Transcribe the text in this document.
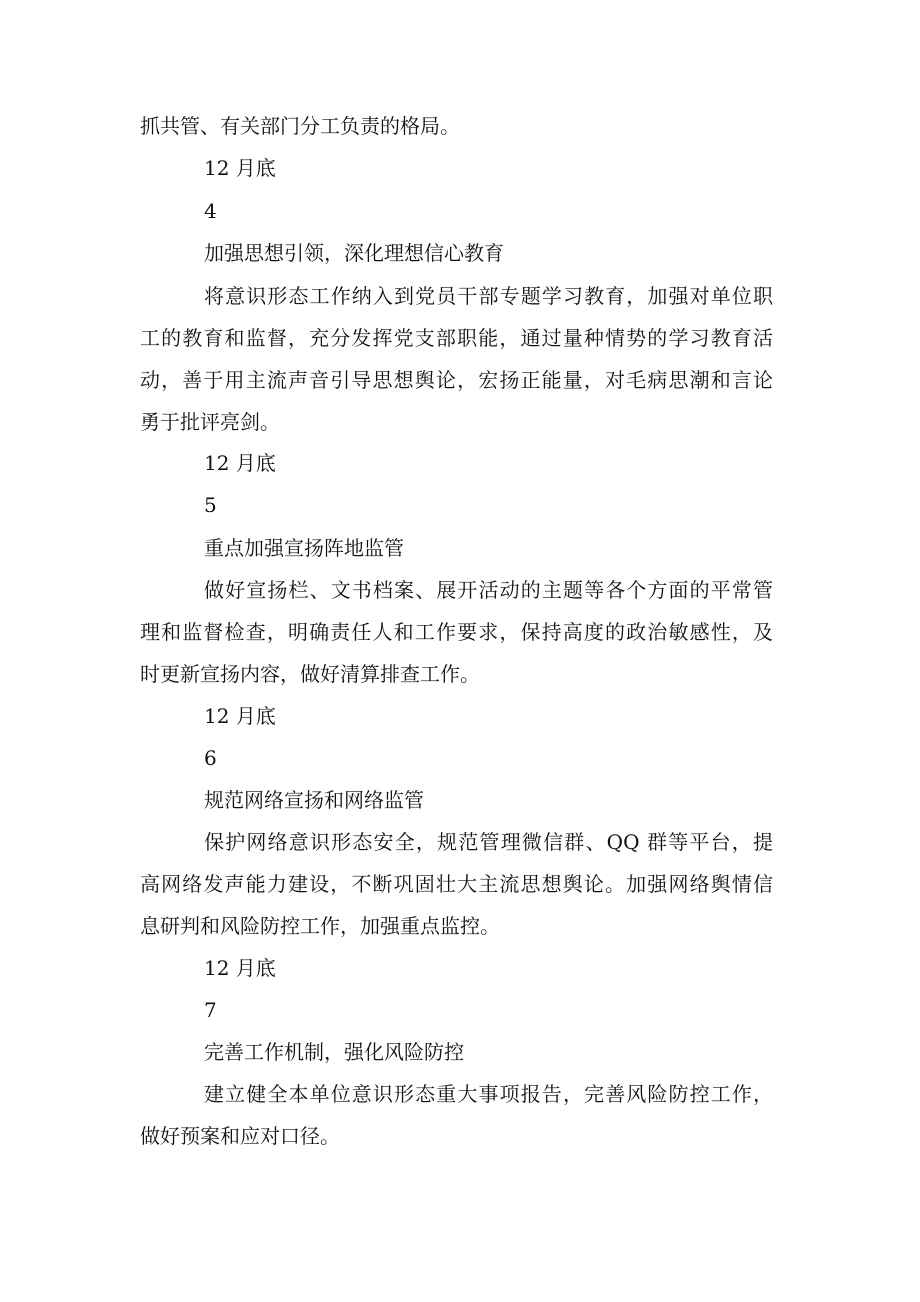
抓共管、有关部门分工负责的格局。
12 月底
4
加强思想引领，深化理想信心教育
将意识形态工作纳入到党员干部专题学习教育，加强对单位职
工的教育和监督，充分发挥党支部职能，通过量种情势的学习教育活
动，善于用主流声音引导思想舆论，宏扬正能量，对毛病思潮和言论
勇于批评亮剑。
12 月底
5
重点加强宣扬阵地监管
做好宣扬栏、文书档案、展开活动的主题等各个方面的平常管
理和监督检查，明确责任人和工作要求，保持高度的政治敏感性，及
时更新宣扬内容，做好清算排查工作。
12 月底
6
规范网络宣扬和网络监管
保护网络意识形态安全，规范管理微信群、QQ 群等平台，提
高网络发声能力建设，不断巩固壮大主流思想舆论。加强网络舆情信
息研判和风险防控工作，加强重点监控。
12 月底
7
完善工作机制，强化风险防控
建立健全本单位意识形态重大事项报告，完善风险防控工作，
做好预案和应对口径。
